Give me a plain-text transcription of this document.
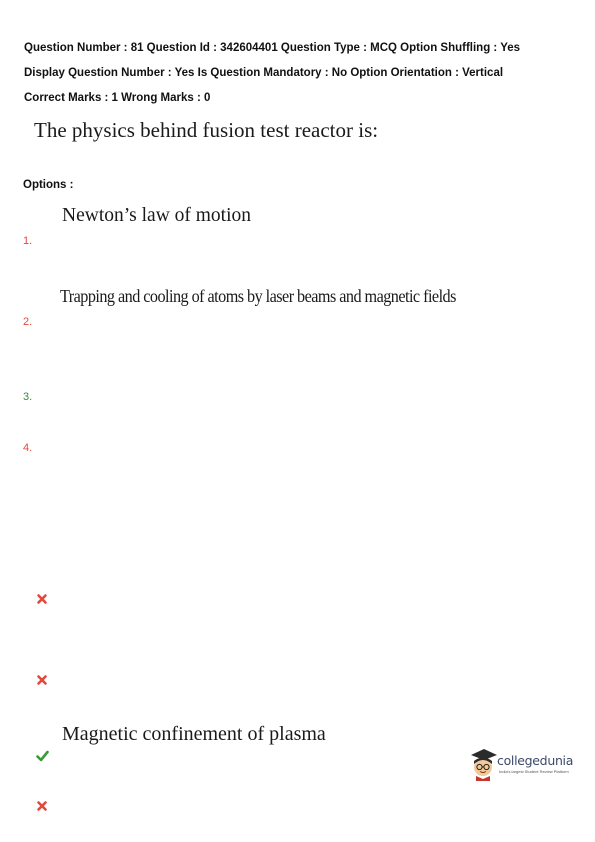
Question Number : 81 Question Id : 342604401 Question Type : MCQ Option Shuffling : Yes
Display Question Number : Yes Is Question Mandatory : No Option Orientation : Vertical
Correct Marks : 1 Wrong Marks : 0
The physics behind fusion test reactor is:
Options :
Newton’s law of motion
1.
Trapping and cooling of atoms by laser beams and magnetic fields
2.
3.
4.
Magnetic confinement of plasma
collegedunia
India's largest Student Review Platform
